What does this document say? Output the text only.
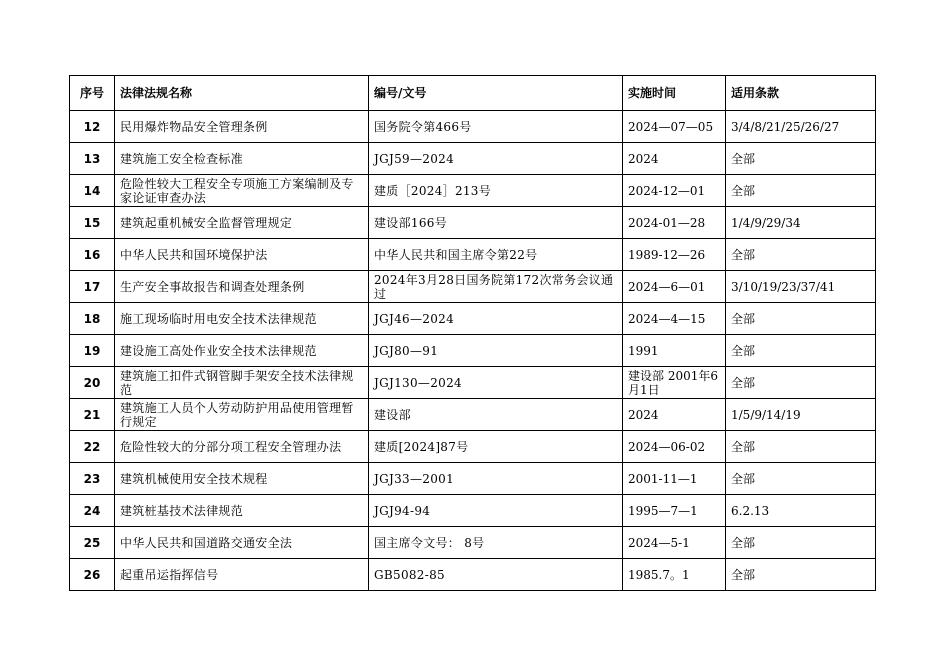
序号	法律法规名称	编号/文号	实施时间	适用条款
12	民用爆炸物品安全管理条例	国务院令第466号	2024—07—05	3/4/8/21/25/26/27
13	建筑施工安全检查标准	JGJ59—2024	2024	全部
14	危险性较大工程安全专项施工方案编制及专家论证审查办法	建质［2024］213号	2024-12—01	全部
15	建筑起重机械安全监督管理规定	建设部166号	2024-01—28	1/4/9/29/34
16	中华人民共和国环境保护法	中华人民共和国主席令第22号	1989-12—26	全部
17	生产安全事故报告和调查处理条例	2024年3月28日国务院第172次常务会议通过	2024—6—01	3/10/19/23/37/41
18	施工现场临时用电安全技术法律规范	JGJ46—2024	2024—4—15	全部
19	建设施工高处作业安全技术法律规范	JGJ80—91	1991	全部
20	建筑施工扣件式钢管脚手架安全技术法律规范	JGJ130—2024	建设部 2001年6月1日	全部
21	建筑施工人员个人劳动防护用品使用管理暂行规定	建设部	2024	1/5/9/14/19
22	危险性较大的分部分项工程安全管理办法	建质[2024]87号	2024—06-02	全部
23	建筑机械使用安全技术规程	JGJ33—2001	2001-11—1	全部
24	建筑桩基技术法律规范	JGJ94-94	1995—7—1	6.2.13
25	中华人民共和国道路交通安全法	国主席令文号： 8号	2024—5-1	全部
26	起重吊运指挥信号	GB5082-85	1985.7。1	全部
